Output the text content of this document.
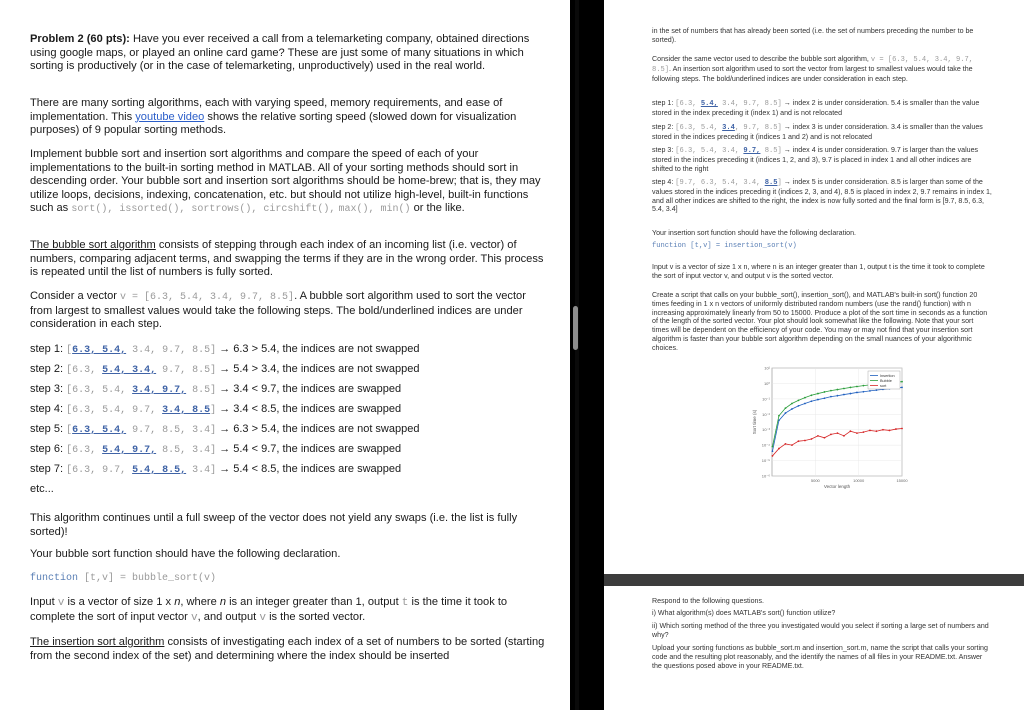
Problem 2 (60 pts): Have you ever received a call from a telemarketing company, obtained directions using google maps, or played an online card game? These are just some of many situations in which sorting is productively (or in the case of telemarketing, unproductively) used in the real world.
There are many sorting algorithms, each with varying speed, memory requirements, and ease of implementation. This youtube video shows the relative sorting speed (slowed down for visualization purposes) of 9 popular sorting methods.
Implement bubble sort and insertion sort algorithms and compare the speed of each of your implementations to the built-in sorting method in MATLAB. All of your sorting methods should sort in descending order. Your bubble sort and insertion sort algorithms should be home-brew; that is, they may utilize loops, decisions, indexing, concatenation, etc. but should not utilize high-level, built-in functions such as sort(), issorted(), sortrows(), circshift(), max(), min() or the like.
The bubble sort algorithm consists of stepping through each index of an incoming list (i.e. vector) of numbers, comparing adjacent terms, and swapping the terms if they are in the wrong order. This process is repeated until the list of numbers is fully sorted.
Consider a vector v = [6.3, 5.4, 3.4, 9.7, 8.5]. A bubble sort algorithm used to sort the vector from largest to smallest values would take the following steps. The bold/underlined indices are under consideration in each step.
step 1: [6.3, 5.4, 3.4, 9.7, 8.5] → 6.3 > 5.4, the indices are not swapped
step 2: [6.3, 5.4, 3.4, 9.7, 8.5] → 5.4 > 3.4, the indices are not swapped
step 3: [6.3, 5.4, 3.4, 9.7, 8.5] → 3.4 < 9.7, the indices are swapped
step 4: [6.3, 5.4, 9.7, 3.4, 8.5] → 3.4 < 8.5, the indices are swapped
step 5: [6.3, 5.4, 9.7, 8.5, 3.4] → 6.3 > 5.4, the indices are not swapped
step 6: [6.3, 5.4, 9.7, 8.5, 3.4] → 5.4 < 9.7, the indices are swapped
step 7: [6.3, 9.7, 5.4, 8.5, 3.4] → 5.4 < 8.5, the indices are swapped
etc...
This algorithm continues until a full sweep of the vector does not yield any swaps (i.e. the list is fully sorted)!
Your bubble sort function should have the following declaration.
function [t,v] = bubble_sort(v)
Input v is a vector of size 1 x n, where n is an integer greater than 1, output t is the time it took to complete the sort of input vector v, and output v is the sorted vector.
The insertion sort algorithm consists of investigating each index of a set of numbers to be sorted (starting from the second index of the set) and determining where the index should be inserted
in the set of numbers that has already been sorted (i.e. the set of numbers preceding the number to be sorted).
Consider the same vector used to describe the bubble sort algorithm, v = [6.3, 5.4, 3.4, 9.7, 8.5]. An insertion sort algorithm used to sort the vector from largest to smallest values would take the following steps. The bold/underlined indices are under consideration in each step.
step 1: [6.3, 5.4, 3.4, 9.7, 8.5] → index 2 is under consideration. 5.4 is smaller than the value stored in the index preceding it (index 1) and is not relocated
step 2: [6.3, 5.4, 3.4, 9.7, 8.5] → index 3 is under consideration. 3.4 is smaller than the values stored in the indices preceding it (indices 1 and 2) and is not relocated
step 3: [6.3, 5.4, 3.4, 9.7, 8.5] → index 4 is under consideration. 9.7 is larger than the values stored in the indices preceding it (indices 1, 2, and 3), 9.7 is placed in index 1 and all other indices are shifted to the right
step 4: [9.7, 6.3, 5.4, 3.4, 8.5] → index 5 is under consideration. 8.5 is larger than some of the values stored in the indices preceding it (indices 2, 3, and 4), 8.5 is placed in index 2, 9.7 remains in index 1, and all other indices are shifted to the right, the index is now fully sorted and the final form is [9.7, 8.5, 6.3, 5.4, 3.4]
Your insertion sort function should have the following declaration.
function [t,v] = insertion_sort(v)
Input v is a vector of size 1 x n, where n is an integer greater than 1, output t is the time it took to complete the sort of input vector v, and output v is the sorted vector.
Create a script that calls on your bubble_sort(), insertion_sort(), and MATLAB's built-in sort() function 20 times feeding in 1 x n vectors of uniformly distributed random numbers (use the rand() function) with n increasing approximately linearly from 50 to 15000. Produce a plot of the sort time in seconds as a function of the length of the sorted vector. Your plot should look somewhat like the following. Note that your sort times will be dependent on the efficiency of your code. You may or may not find that your insertion sort algorithm is faster than your bubble sort algorithm depending on the small nuances of your algorithmic choices.
10⁻⁶
10⁻⁵
10⁻⁴
10⁻³
10⁻²
10⁻¹
10⁰
10¹
5000	10000	15000
Insertion
Bubble
sort
Vector length
Sort time (s)
Respond to the following questions.
i) What algorithm(s) does MATLAB's sort() function utilize?
ii) Which sorting method of the three you investigated would you select if sorting a large set of numbers and why?
Upload your sorting functions as bubble_sort.m and insertion_sort.m, name the script that calls your sorting code and the resulting plot reasonably, and the identify the names of all files in your README.txt. Answer the questions posed above in your README.txt.
